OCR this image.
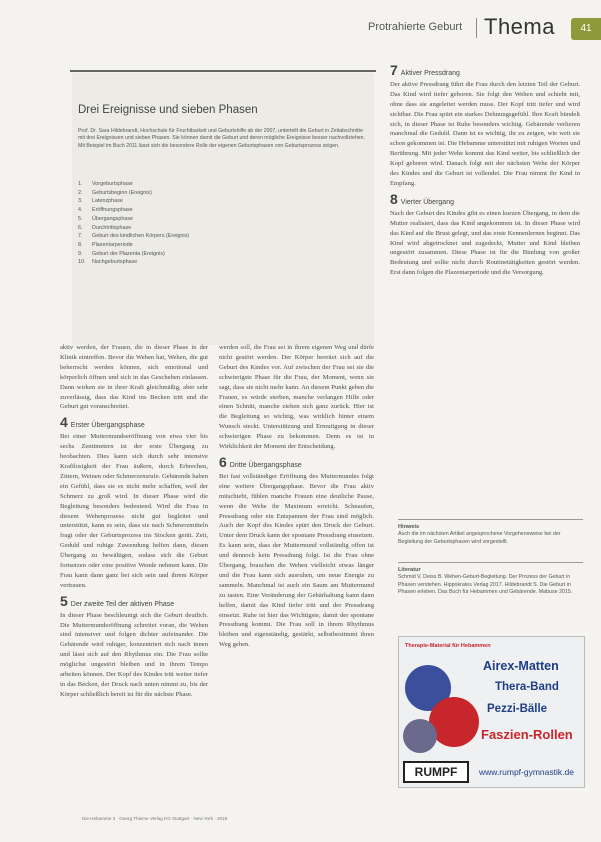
Protrahierte Geburt Thema	41
Drei Ereignisse und sieben Phasen
Prof. Dr. Sara Hildebrandt, Hochschule für Fruchtbarkeit und Geburtshilfe ab der 2007, unterteilt die Geburt in Zeitabschnitte mit drei Ereignissen und sieben Phasen. Sie können damit die Geburt und deren mögliche Ereignisse besser nachvollziehen. Mit Beispiel im Buch 2011 lässt sich die besondere Rolle der eigenen Geburtsphasen von Geburtsprozess zeigen.
1.	Vorgeburtsphase
2.	Geburtsbeginn (Ereignis)
3.	Latenzphase
4.	Eröffnungsphase
5.	Übergangsphase
6.	Durchtrittsphase
7.	Geburt des kindlichen Körpers (Ereignis)
8.	Plazentarperiode
9.	Geburt der Plazenta (Ereignis)
10.	Nachgeburtsphase

aktiv werden, der Frauen, die in dieser Phase in der Klinik eintreffen. Bevor die Wehen hat, Wehen, die gut beherrscht werden können, sich emotional und körperlich öffnen und sich in das Geschehen einlassen. Dann wirken sie in ihrer Kraft gleichmäßig, aber sehr zuverlässig, dass das Kind ins Becken tritt und die Geburt gut voranschreitet.

4 Erster Übergangsphase

Bei einer Muttermundseröffnung von etwa vier bis sechs Zentimetern ist der erste Übergang zu beobachten. Dies kann sich durch sehr intensive Kraftlosigkeit der Frau äußern, durch Erbrechen, Zittern, Weinen oder Schmerzensrufe. Gebärende haben ein Gefühl, dass sie es nicht mehr schaffen, weil der Schmerz zu groß wird. In dieser Phase wird die Begleitung besonders bedeutend. Wird die Frau in diesem Wehenprozess nicht gut begleitet und unterstützt, kann es sein, dass sie nach Schmerzmitteln fragt oder der Geburtsprozess ins Stocken gerät. Zeit, Geduld und ruhige Zuwendung helfen dann, diesen Übergang zu bewältigen, sodass sich die Geburt fortsetzen oder eine positive Wende nehmen kann. Die Frau kann dann ganz bei sich sein und ihrem Körper vertrauen.

5 Der zweite Teil der aktiven Phase

In dieser Phase beschleunigt sich die Geburt deutlich. Die Muttermunderöffnung schreitet voran, die Wehen sind intensiver und folgen dichter aufeinander. Die Gebärende wird ruhiger, konzentriert sich nach innen und lässt sich auf den Rhythmus ein. Die Frau sollte möglichst ungestört bleiben und in ihrem Tempo arbeiten können. Der Kopf des Kindes tritt weiter tiefer in das Becken, der Druck nach unten nimmt zu, bis der Körper schließlich bereit ist für die nächste Phase.

werden soll, die Frau sei in ihrem eigenen Weg und dürfe nicht gestört werden. Der Körper bereitet sich auf die Geburt des Kindes vor. Auf zwischen der Frau sei sie die schwierigste Phase für die Frau, der Moment, wenn sie sagt, dass sie nicht mehr kann. An diesem Punkt geben die Frauen, es würde sterben, manche verlangen Hilfe oder einen Schnitt, manche ziehen sich ganz zurück. Hier ist die Begleitung so wichtig, was wirklich hinter einem Wunsch steckt. Unterstützung und Ermutigung in dieser schwierigen Phase zu bekommen. Denn es ist in Wirklichkeit der Moment der Entscheidung.

6 Dritte Übergangsphase

Bei fast vollständiger Eröffnung des Muttermundes folgt eine weitere Übergangsphase. Bevor die Frau aktiv mitschiebt, fühlen manche Frauen eine deutliche Pause, wenn die Wehe ihr Maximum erreicht. Schnaufen, Pressdrang oder ein Entspannen der Frau sind möglich. Auch der Kopf des Kindes spürt den Druck der Geburt. Unter dem Druck kann der spontane Pressdrang einsetzen. Es kann sein, dass der Muttermund vollständig offen ist und dennoch kein Pressdrang folgt. Ist die Frau ohne Übergang, brauchen die Wehen vielleicht etwas länger und die Frau kann sich ausruhen, um neue Energie zu sammeln. Manchmal ist auch ein Saum am Muttermund zu tasten. Eine Veränderung der Gebärhaltung kann dann helfen, damit das Kind tiefer tritt und der Pressdrang einsetzt. Ruhe ist hier das Wichtigste, damit der spontane Pressdrang kommt. Die Frau soll in ihrem Rhythmus bleiben und eigenständig, gestärkt, selbstbestimmt ihren Weg gehen.

7 Aktiver Pressdrang

Der aktive Pressdrang führt die Frau durch den letzten Teil der Geburt. Das Kind wird tiefer geboren. Sie folgt den Wehen und schiebt mit, ohne dass sie angeleitet werden muss. Der Kopf tritt tiefer und wird sichtbar. Die Frau spürt ein starkes Dehnungsgefühl. Ihre Kraft bündelt sich, in dieser Phase ist Ruhe besonders wichtig. Gebärende verlieren manchmal die Geduld. Dann ist es wichtig, ihr zu zeigen, wie weit sie schon gekommen ist. Die Hebamme unterstützt mit ruhigen Worten und Berührung. Mit jeder Wehe kommt das Kind weiter, bis schließlich der Kopf geboren wird. Danach folgt mit der nächsten Wehe der Körper des Kindes und die Geburt ist vollendet. Die Frau nimmt ihr Kind in Empfang.

8 Vierter Übergang

Nach der Geburt des Kindes gibt es einen kurzen Übergang, in dem die Mutter realisiert, dass das Kind angekommen ist. In dieser Phase wird das Kind auf die Brust gelegt, und das erste Kennenlernen beginnt. Das Kind wird abgetrocknet und zugedeckt, Mutter und Kind bleiben ungestört zusammen. Diese Phase ist für die Bindung von großer Bedeutung und sollte nicht durch Routinetätigkeiten gestört werden. Erst dann folgen die Plazentarperiode und die Versorgung.

Hinweis
Auch die im nächsten Artikel angesprochene Vorgehensweise bei der Begleitung der Geburtsphasen wird vorgestellt.
Literatur
Schmid V, Deiss B. Wehen-Geburt-Begleitung. Der Prozess der Geburt in Phasen verstehen. Hippokrates Verlag 2017. Hildebrandt S. Die Geburt in Phasen erleben. Das Buch für Hebammen und Gebärende. Mabuse 2015.
Therapie-Material für Hebammen
Airex-Matten
Thera-Band
Pezzi-Bälle
Faszien-Rollen
RUMPF	www.rumpf-gymnastik.de
Die Hebamme 3 · Georg Thieme Verlag KG Stuttgart · New York · 2018
